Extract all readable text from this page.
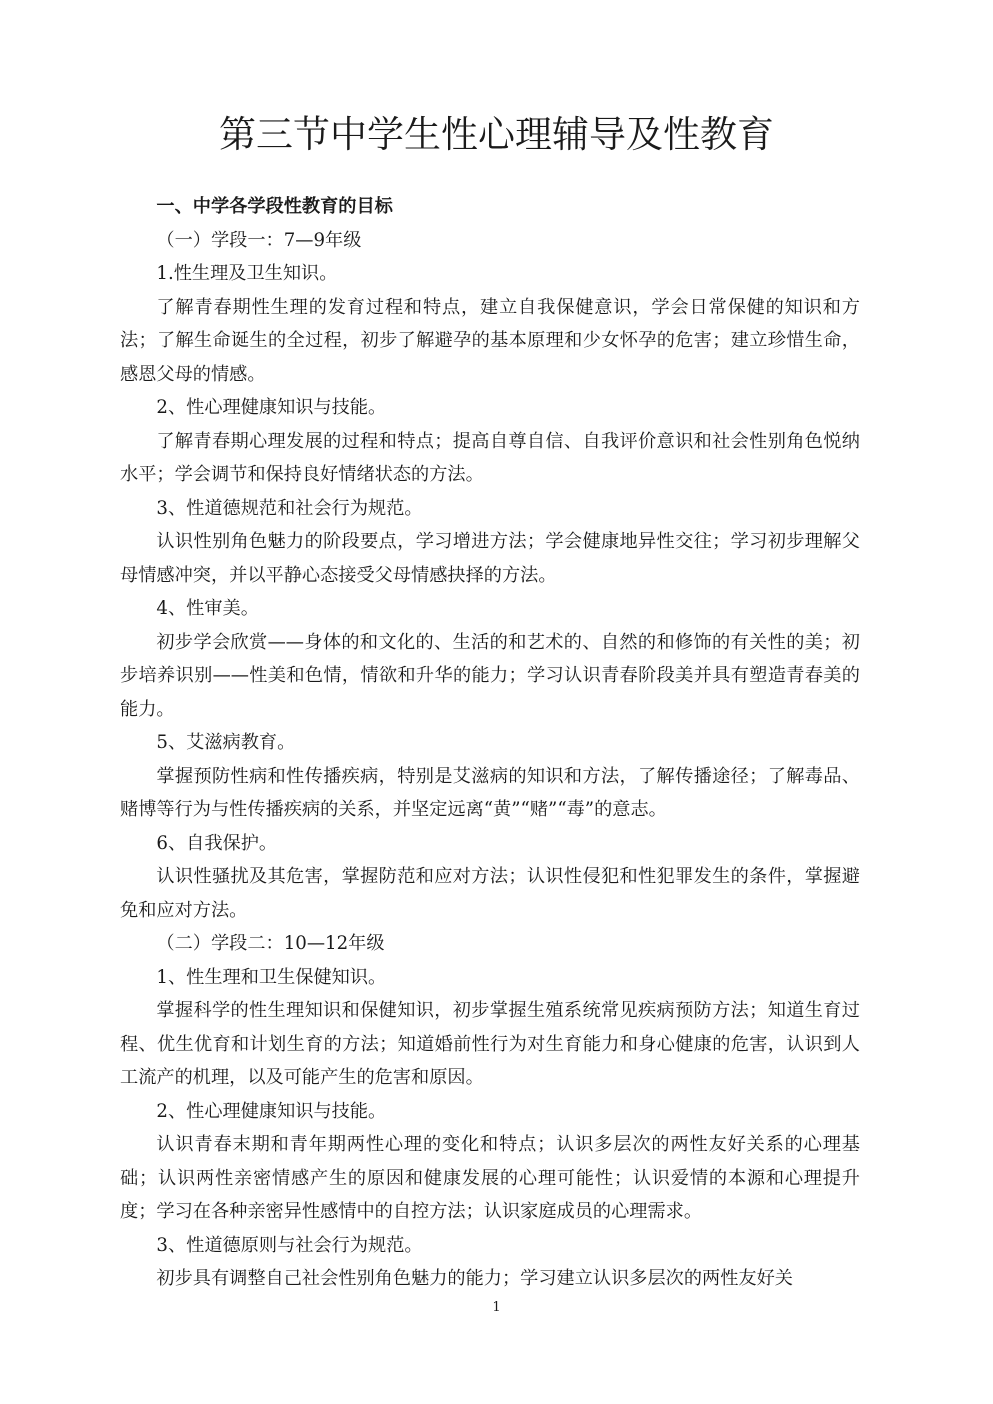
第三节中学生性心理辅导及性教育

一、中学各学段性教育的目标

（一）学段一：7—9年级

1.性生理及卫生知识。

了解青春期性生理的发育过程和特点，建立自我保健意识，学会日常保健的知识和方法；了解生命诞生的全过程，初步了解避孕的基本原理和少女怀孕的危害；建立珍惜生命，感恩父母的情感。

2、性心理健康知识与技能。

了解青春期心理发展的过程和特点；提高自尊自信、自我评价意识和社会性别角色悦纳水平；学会调节和保持良好情绪状态的方法。

3、性道德规范和社会行为规范。

认识性别角色魅力的阶段要点，学习增进方法；学会健康地异性交往；学习初步理解父母情感冲突，并以平静心态接受父母情感抉择的方法。

4、性审美。

初步学会欣赏——身体的和文化的、生活的和艺术的、自然的和修饰的有关性的美；初步培养识别——性美和色情，情欲和升华的能力；学习认识青春阶段美并具有塑造青春美的能力。

5、艾滋病教育。

掌握预防性病和性传播疾病，特别是艾滋病的知识和方法，了解传播途径；了解毒品、赌博等行为与性传播疾病的关系，并坚定远离“黄”“赌”“毒”的意志。

6、自我保护。

认识性骚扰及其危害，掌握防范和应对方法；认识性侵犯和性犯罪发生的条件，掌握避免和应对方法。

（二）学段二：10—12年级

1、性生理和卫生保健知识。

掌握科学的性生理知识和保健知识，初步掌握生殖系统常见疾病预防方法；知道生育过程、优生优育和计划生育的方法；知道婚前性行为对生育能力和身心健康的危害，认识到人工流产的机理，以及可能产生的危害和原因。

2、性心理健康知识与技能。

认识青春末期和青年期两性心理的变化和特点；认识多层次的两性友好关系的心理基础；认识两性亲密情感产生的原因和健康发展的心理可能性；认识爱情的本源和心理提升度；学习在各种亲密异性感情中的自控方法；认识家庭成员的心理需求。

3、性道德原则与社会行为规范。

初步具有调整自己社会性别角色魅力的能力；学习建立认识多层次的两性友好关

1
